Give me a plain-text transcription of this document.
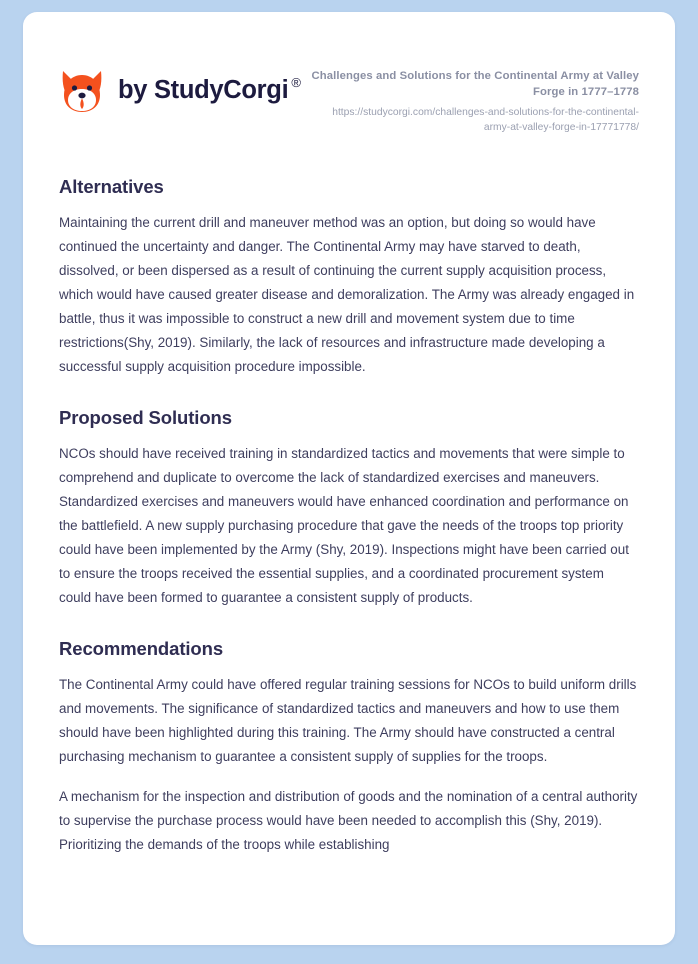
by StudyCorgi ® Challenges and Solutions for the Continental Army at Valley Forge in 1777–1778

https://studycorgi.com/challenges-and-solutions-for-the-continental-army-at-valley-forge-in-17771778/

Alternatives

Maintaining the current drill and maneuver method was an option, but doing so would have continued the uncertainty and danger. The Continental Army may have starved to death, dissolved, or been dispersed as a result of continuing the current supply acquisition process, which would have caused greater disease and demoralization. The Army was already engaged in battle, thus it was impossible to construct a new drill and movement system due to time restrictions(Shy, 2019). Similarly, the lack of resources and infrastructure made developing a successful supply acquisition procedure impossible.

Proposed Solutions

NCOs should have received training in standardized tactics and movements that were simple to comprehend and duplicate to overcome the lack of standardized exercises and maneuvers. Standardized exercises and maneuvers would have enhanced coordination and performance on the battlefield. A new supply purchasing procedure that gave the needs of the troops top priority could have been implemented by the Army (Shy, 2019). Inspections might have been carried out to ensure the troops received the essential supplies, and a coordinated procurement system could have been formed to guarantee a consistent supply of products.

Recommendations

The Continental Army could have offered regular training sessions for NCOs to build uniform drills and movements. The significance of standardized tactics and maneuvers and how to use them should have been highlighted during this training. The Army should have constructed a central purchasing mechanism to guarantee a consistent supply of supplies for the troops.

A mechanism for the inspection and distribution of goods and the nomination of a central authority to supervise the purchase process would have been needed to accomplish this (Shy, 2019). Prioritizing the demands of the troops while establishing
